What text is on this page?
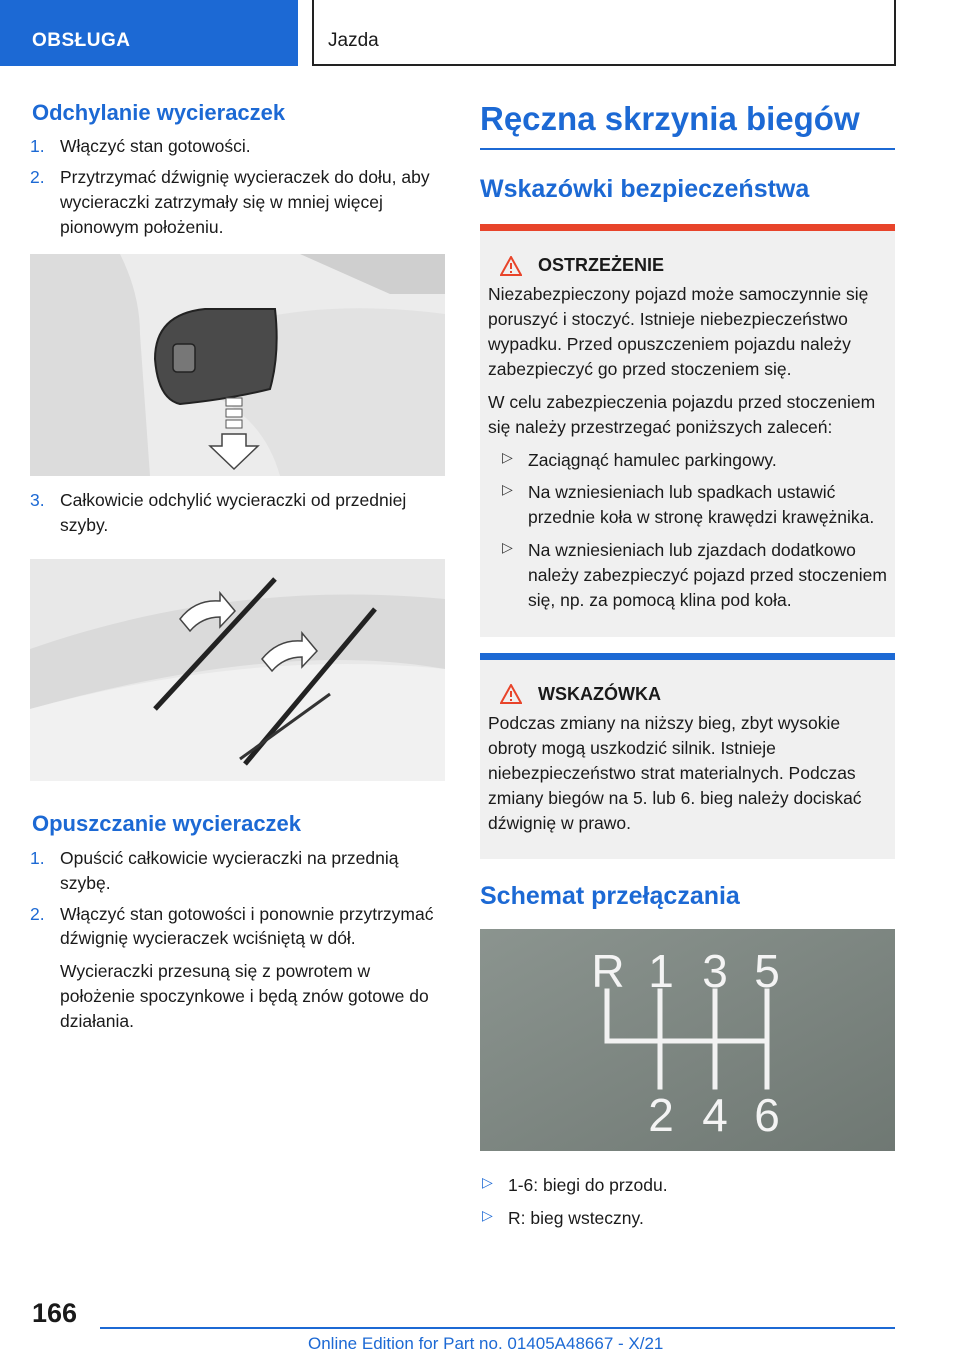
OBSŁUGA	Jazda
Odchylanie wycieraczek
1. Włączyć stan gotowości.
2. Przytrzymać dźwignię wycieraczek do dołu, aby wycieraczki zatrzymały się w mniej więcej pionowym położeniu.
3. Całkowicie odchylić wycieraczki od przedniej szyby.
Opuszczanie wycieraczek
1. Opuścić całkowicie wycieraczki na przednią szybę.
2. Włączyć stan gotowości i ponownie przytrzymać dźwignię wycieraczek wciśniętą w dół.
Wycieraczki przesuną się z powrotem w położenie spoczynkowe i będą znów gotowe do działania.
Ręczna skrzynia biegów
Wskazówki bezpieczeństwa
OSTRZEŻENIE

Niezabezpieczony pojazd może samoczynnie się poruszyć i stoczyć. Istnieje niebezpieczeństwo wypadku. Przed opuszczeniem pojazdu należy zabezpieczyć go przed stoczeniem się.

W celu zabezpieczenia pojazdu przed stoczeniem się należy przestrzegać poniższych zaleceń:

▷ Zaciągnąć hamulec parkingowy.
▷ Na wzniesieniach lub spadkach ustawić przednie koła w stronę krawędzi krawężnika.
▷ Na wzniesieniach lub zjazdach dodatkowo należy zabezpieczyć pojazd przed stoczeniem się, np. za pomocą klina pod koła.
WSKAZÓWKA

Podczas zmiany na niższy bieg, zbyt wysokie obroty mogą uszkodzić silnik. Istnieje niebezpieczeństwo strat materialnych. Podczas zmiany biegów na 5. lub 6. bieg należy dociskać dźwignię w prawo.

Schemat przełączania
R 1 3 5
2 4 6
▷ 1-6: biegi do przodu.
▷ R: bieg wsteczny.
166
Online Edition for Part no. 01405A48667 - X/21
